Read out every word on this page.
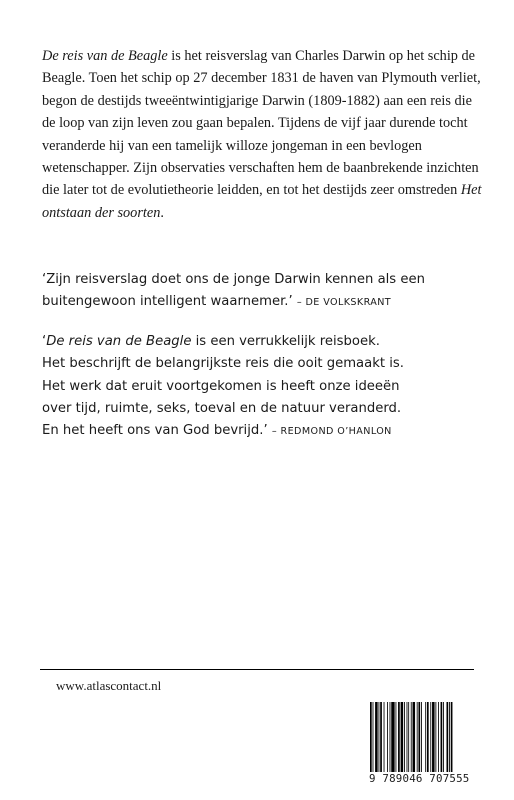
De reis van de Beagle is het reisverslag van Charles Darwin op het schip de Beagle. Toen het schip op 27 december 1831 de haven van Plymouth verliet, begon de destijds tweeëntwintigjarige Darwin (1809-1882) aan een reis die de loop van zijn leven zou gaan bepalen. Tijdens de vijf jaar durende tocht veranderde hij van een tamelijk willoze jongeman in een bevlogen wetenschapper. Zijn observaties verschaften hem de baanbrekende inzichten die later tot de evolutietheorie leidden, en tot het destijds zeer omstreden Het ontstaan der soorten.
‘Zijn reisverslag doet ons de jonge Darwin kennen als een
buitengewoon intelligent waarnemer.’ – DE VOLKSKRANT
‘De reis van de Beagle is een verrukkelijk reisboek.
Het beschrijft de belangrijkste reis die ooit gemaakt is.
Het werk dat eruit voortgekomen is heeft onze ideeën
over tijd, ruimte, seks, toeval en de natuur veranderd.
En het heeft ons van God bevrijd.’ – REDMOND O’HANLON
www.atlascontact.nl
9 789046 707555
